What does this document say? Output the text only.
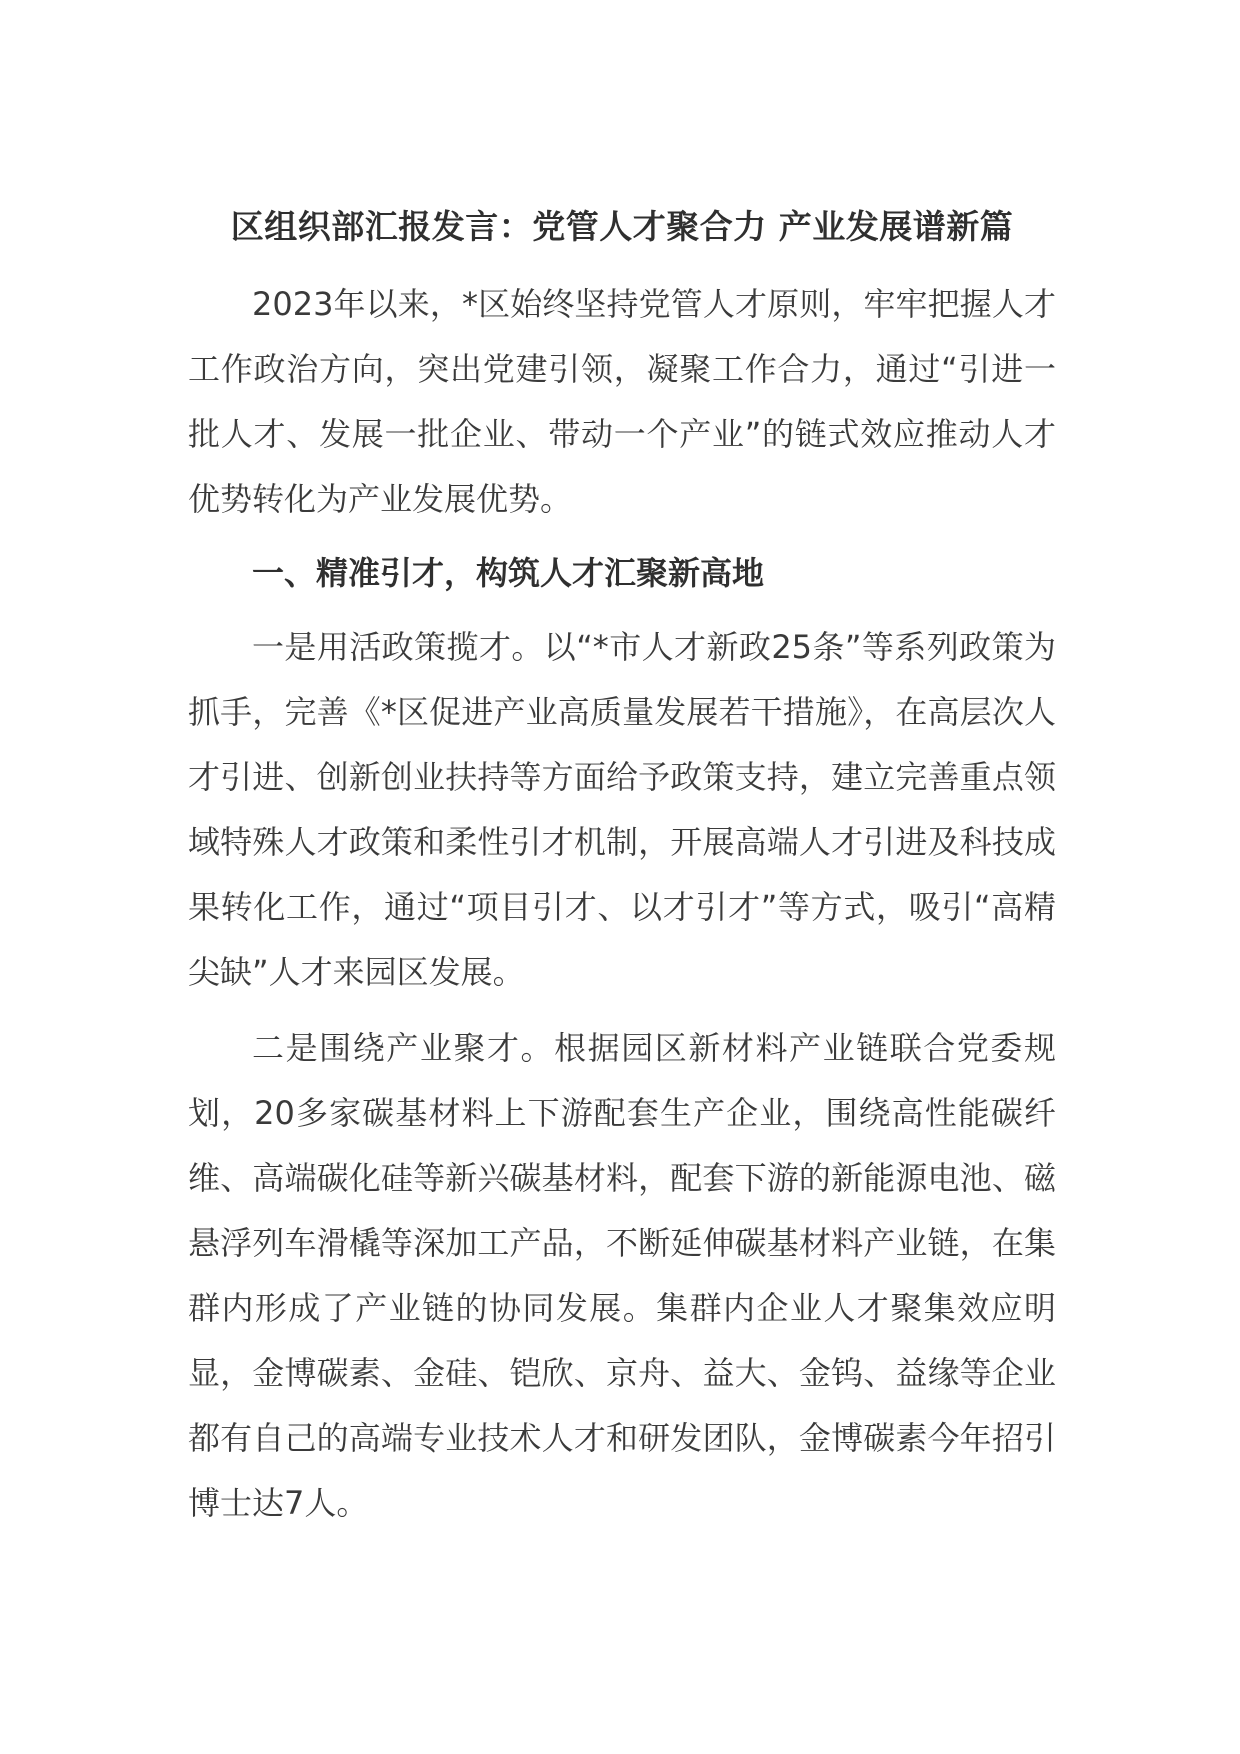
区组织部汇报发言：党管人才聚合力 产业发展谱新篇

2023年以来，*区始终坚持党管人才原则，牢牢把握人才工作政治方向，突出党建引领，凝聚工作合力，通过“引进一批人才、发展一批企业、带动一个产业”的链式效应推动人才优势转化为产业发展优势。

一、精准引才，构筑人才汇聚新高地

一是用活政策揽才。以“*市人才新政25条”等系列政策为抓手，完善《*区促进产业高质量发展若干措施》，在高层次人才引进、创新创业扶持等方面给予政策支持，建立完善重点领域特殊人才政策和柔性引才机制，开展高端人才引进及科技成果转化工作，通过“项目引才、以才引才”等方式，吸引“高精尖缺”人才来园区发展。

二是围绕产业聚才。根据园区新材料产业链联合党委规划，20多家碳基材料上下游配套生产企业，围绕高性能碳纤维、高端碳化硅等新兴碳基材料，配套下游的新能源电池、磁悬浮列车滑橇等深加工产品，不断延伸碳基材料产业链，在集群内形成了产业链的协同发展。集群内企业人才聚集效应明显，金博碳素、金硅、铠欣、京舟、益大、金钨、益缘等企业都有自己的高端专业技术人才和研发团队，金博碳素今年招引博士达7人。
